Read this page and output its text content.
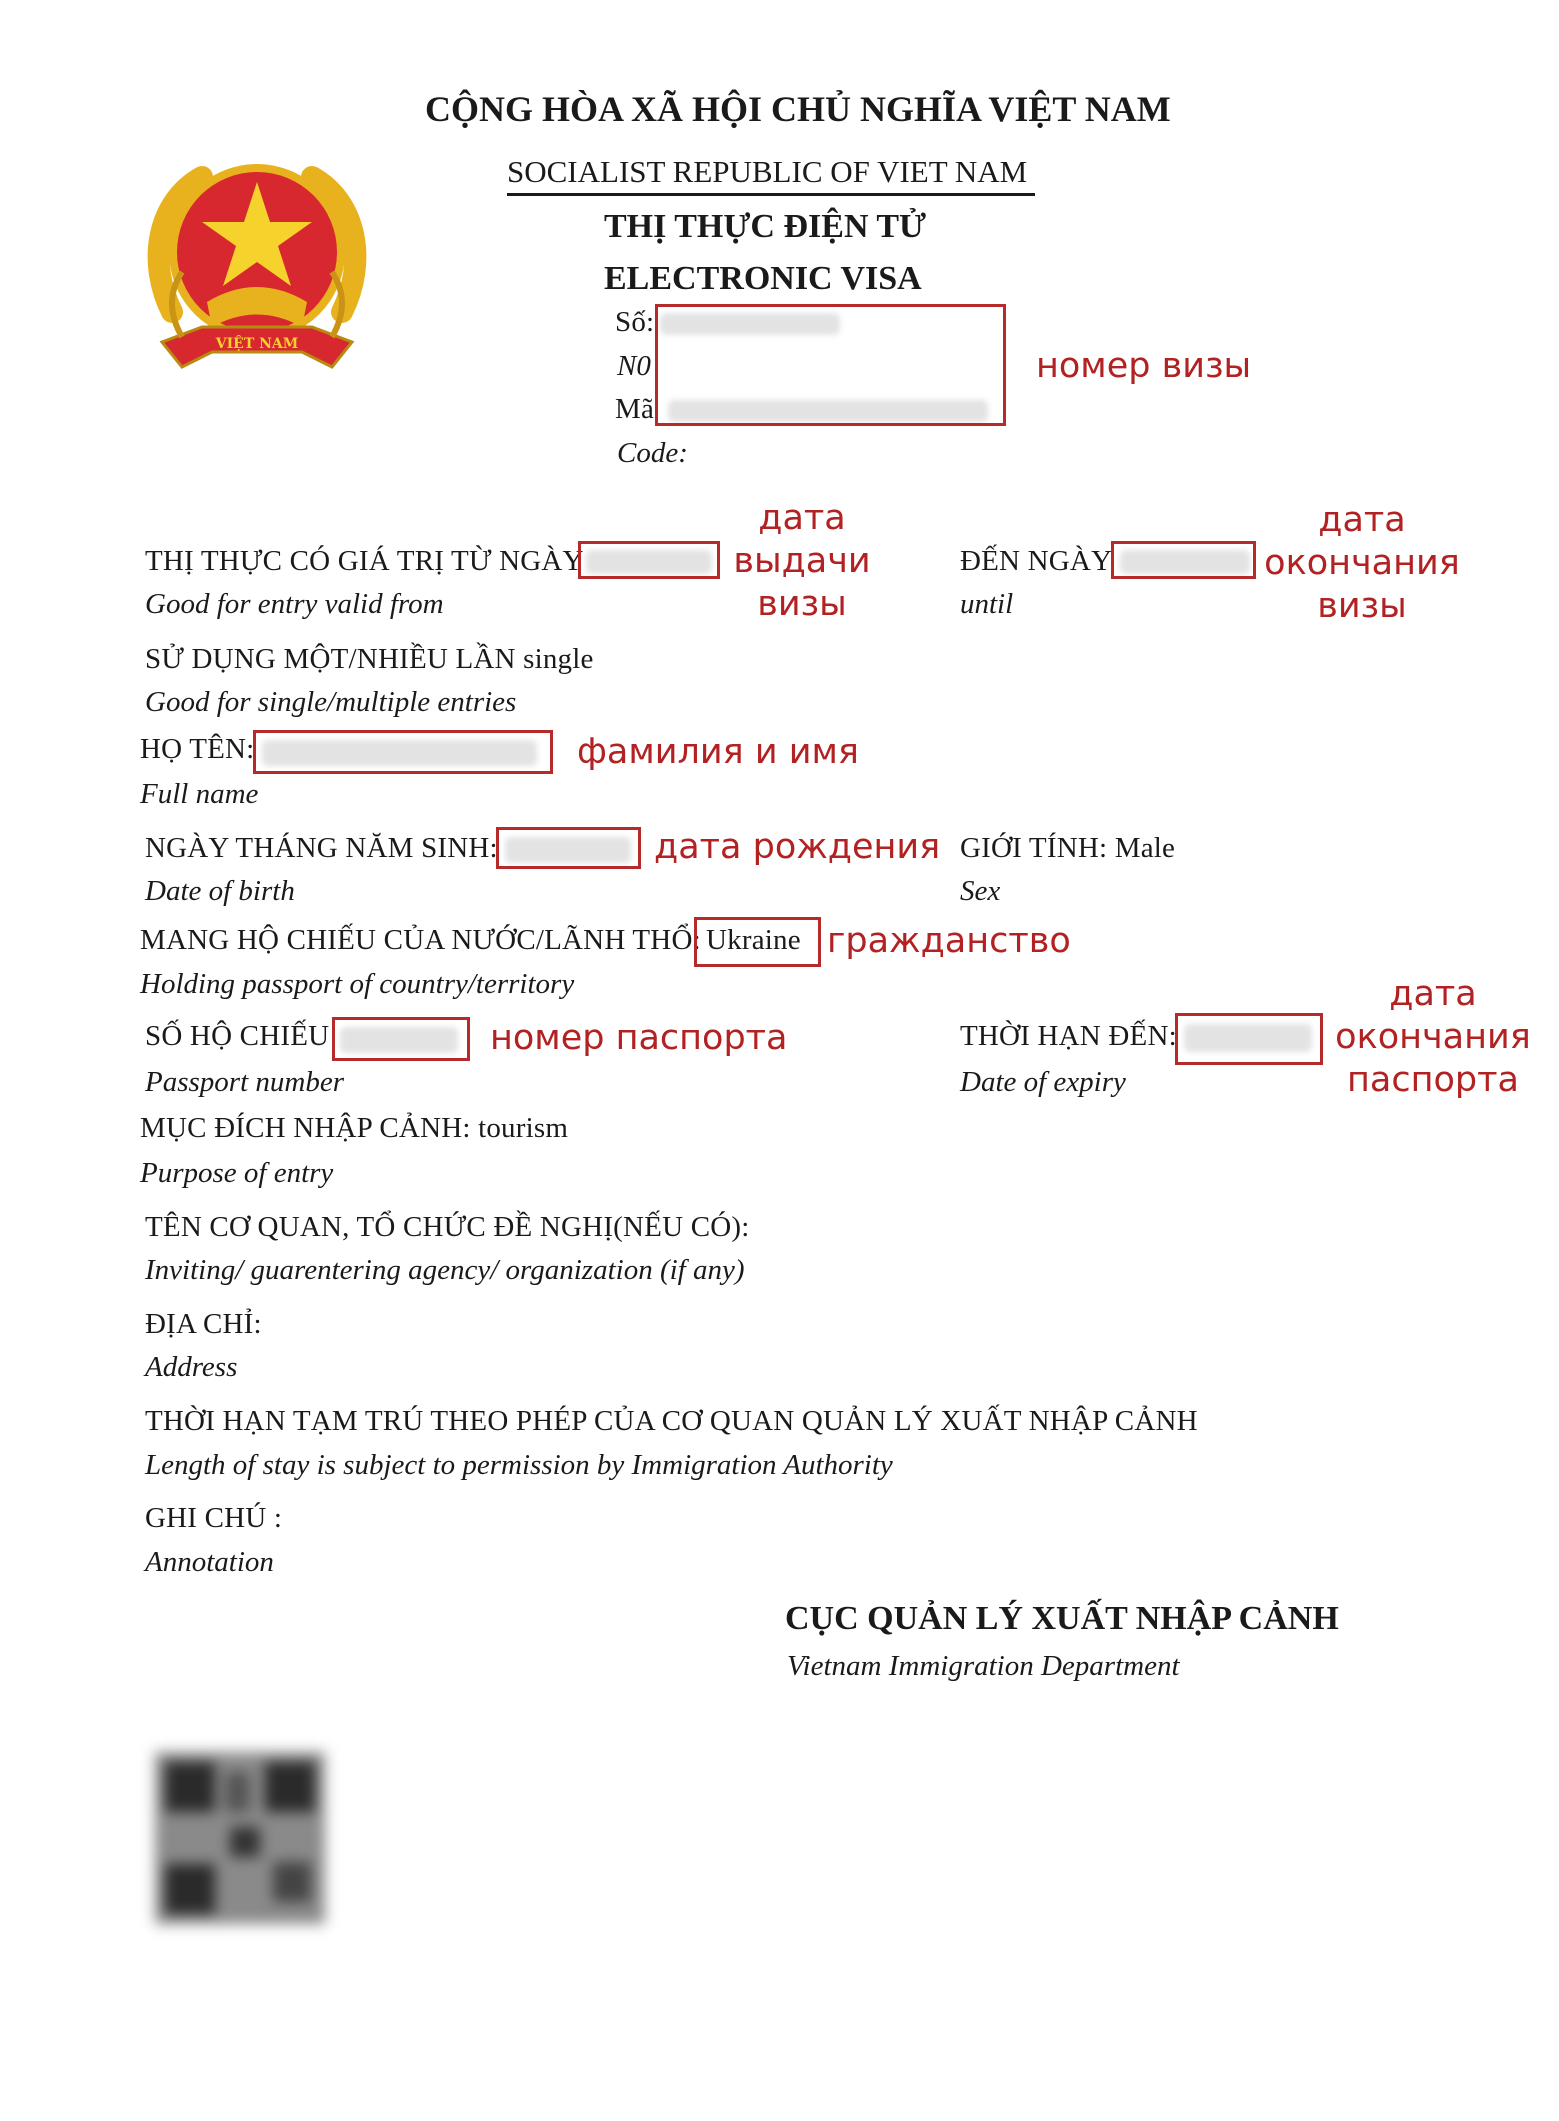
CỘNG HÒA XÃ HỘI CHỦ NGHĨA VIỆT NAM
SOCIALIST REPUBLIC OF VIET NAM
THỊ THỰC ĐIỆN TỬ
ELECTRONIC VISA
VIỆT NAM
Số:
N0
Mã
Code:
номер визы
THỊ THỰC CÓ GIÁ TRỊ TỪ NGÀY
Good for entry valid from
дата
выдачи
визы
ĐẾN NGÀY
until
дата
окончания
визы
SỬ DỤNG MỘT/NHIỀU LẦN single
Good for single/multiple entries
HỌ TÊN:
Full name
фамилия и имя
NGÀY THÁNG NĂM SINH:
Date of birth
дата рождения GIỚI TÍNH: Male
Sex
MANG HỘ CHIẾU CỦA NƯỚC/LÃNH THỔ:
Holding passport of country/territory
Ukraine гражданство
SỐ HỘ CHIẾU
Passport number
номер паспорта	THỜI HẠN ĐẾN:
Date of expiry
дата
окончания
паспорта
MỤC ĐÍCH NHẬP CẢNH: tourism
Purpose of entry
TÊN CƠ QUAN, TỔ CHỨC ĐỀ NGHỊ(NẾU CÓ):
Inviting/ guarentering agency/ organization (if any)
ĐỊA CHỈ:
Address
THỜI HẠN TẠM TRÚ THEO PHÉP CỦA CƠ QUAN QUẢN LÝ XUẤT NHẬP CẢNH
Length of stay is subject to permission by Immigration Authority
GHI CHÚ :
Annotation
CỤC QUẢN LÝ XUẤT NHẬP CẢNH
Vietnam Immigration Department
